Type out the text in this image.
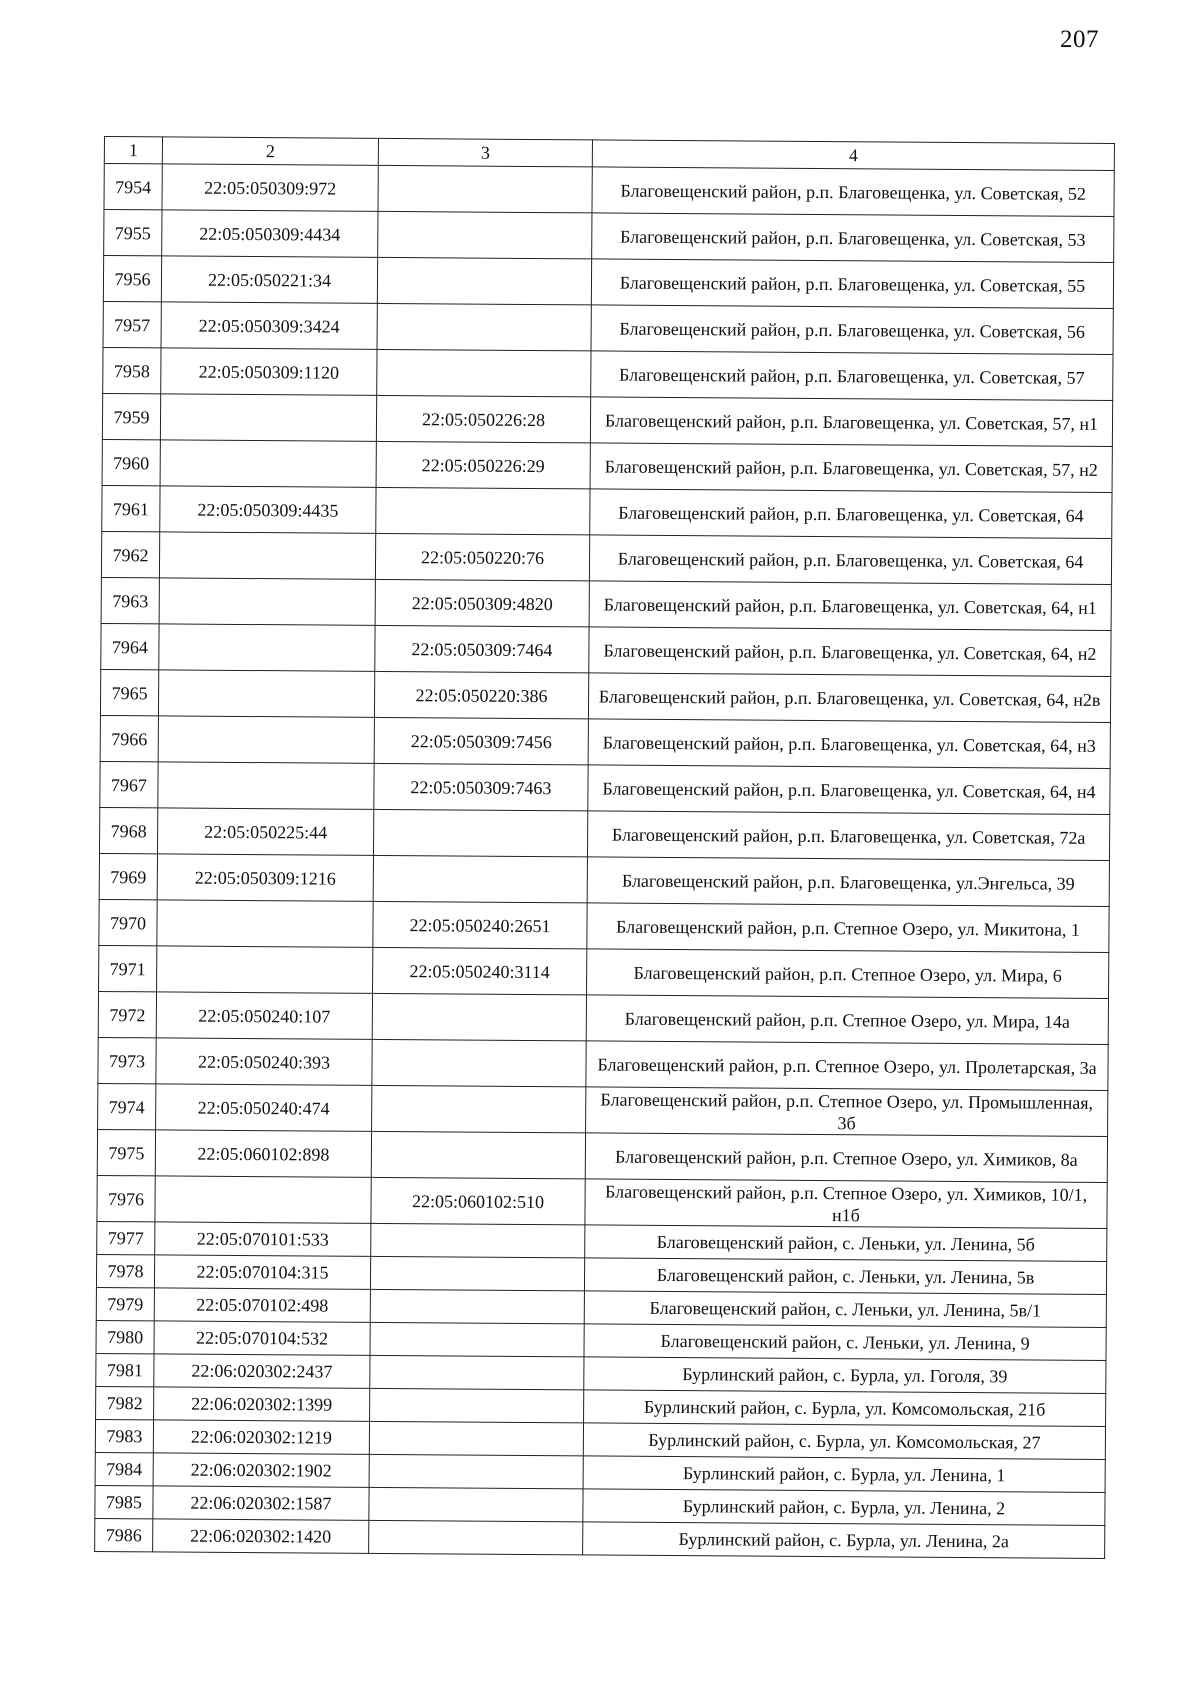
207
1	2	3	4
7954	22:05:050309:972		Благовещенский район, р.п. Благовещенка, ул. Советская, 52
7955	22:05:050309:4434		Благовещенский район, р.п. Благовещенка, ул. Советская, 53
7956	22:05:050221:34		Благовещенский район, р.п. Благовещенка, ул. Советская, 55
7957	22:05:050309:3424		Благовещенский район, р.п. Благовещенка, ул. Советская, 56
7958	22:05:050309:1120		Благовещенский район, р.п. Благовещенка, ул. Советская, 57
7959		22:05:050226:28	Благовещенский район, р.п. Благовещенка, ул. Советская, 57, н1
7960		22:05:050226:29	Благовещенский район, р.п. Благовещенка, ул. Советская, 57, н2
7961	22:05:050309:4435		Благовещенский район, р.п. Благовещенка, ул. Советская, 64
7962		22:05:050220:76	Благовещенский район, р.п. Благовещенка, ул. Советская, 64
7963		22:05:050309:4820	Благовещенский район, р.п. Благовещенка, ул. Советская, 64, н1
7964		22:05:050309:7464	Благовещенский район, р.п. Благовещенка, ул. Советская, 64, н2
7965		22:05:050220:386	Благовещенский район, р.п. Благовещенка, ул. Советская, 64, н2в
7966		22:05:050309:7456	Благовещенский район, р.п. Благовещенка, ул. Советская, 64, н3
7967		22:05:050309:7463	Благовещенский район, р.п. Благовещенка, ул. Советская, 64, н4
7968	22:05:050225:44		Благовещенский район, р.п. Благовещенка, ул. Советская, 72а
7969	22:05:050309:1216		Благовещенский район, р.п. Благовещенка, ул.Энгельса, 39
7970		22:05:050240:2651	Благовещенский район, р.п. Степное Озеро, ул. Микитона, 1
7971		22:05:050240:3114	Благовещенский район, р.п. Степное Озеро, ул. Мира, 6
7972	22:05:050240:107		Благовещенский район, р.п. Степное Озеро, ул. Мира, 14а
7973	22:05:050240:393		Благовещенский район, р.п. Степное Озеро, ул. Пролетарская, 3а
7974	22:05:050240:474		Благовещенский район, р.п. Степное Озеро, ул. Промышленная, 3б
7975	22:05:060102:898		Благовещенский район, р.п. Степное Озеро, ул. Химиков, 8а
7976		22:05:060102:510	Благовещенский район, р.п. Степное Озеро, ул. Химиков, 10/1, н1б
7977	22:05:070101:533		Благовещенский район, с. Леньки, ул. Ленина, 5б
7978	22:05:070104:315		Благовещенский район, с. Леньки, ул. Ленина, 5в
7979	22:05:070102:498		Благовещенский район, с. Леньки, ул. Ленина, 5в/1
7980	22:05:070104:532		Благовещенский район, с. Леньки, ул. Ленина, 9
7981	22:06:020302:2437		Бурлинский район, с. Бурла, ул. Гоголя, 39
7982	22:06:020302:1399		Бурлинский район, с. Бурла, ул. Комсомольская, 21б
7983	22:06:020302:1219		Бурлинский район, с. Бурла, ул. Комсомольская, 27
7984	22:06:020302:1902		Бурлинский район, с. Бурла, ул. Ленина, 1
7985	22:06:020302:1587		Бурлинский район, с. Бурла, ул. Ленина, 2
7986	22:06:020302:1420		Бурлинский район, с. Бурла, ул. Ленина, 2а
